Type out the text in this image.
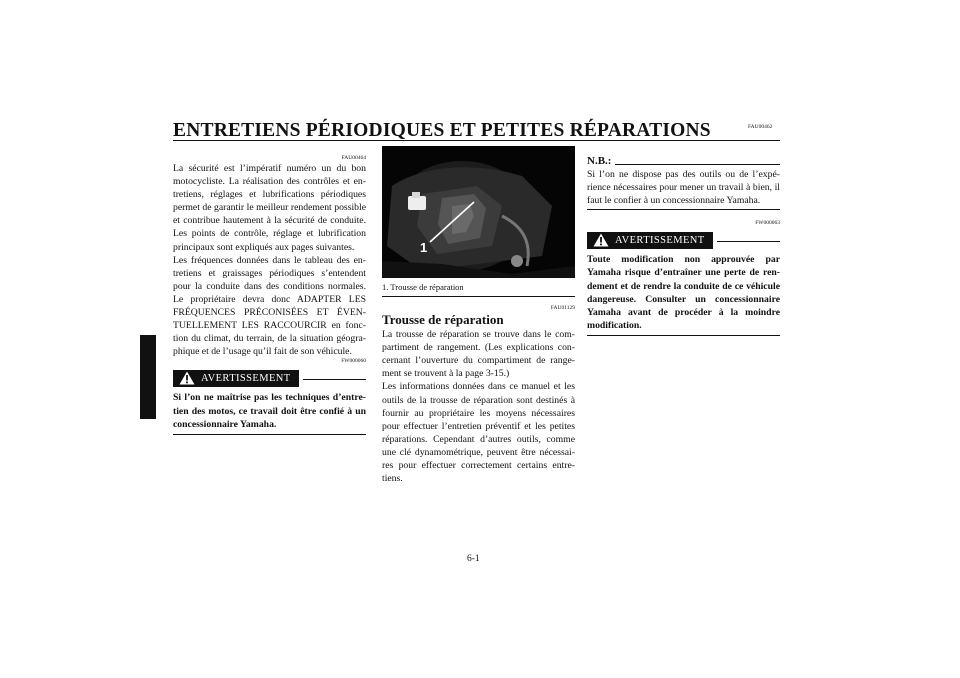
ENTRETIENS PÉRIODIQUES ET PETITES RÉPARATIONS	FAU00462
6
FAU00464

La sécurité est l’impératif numéro un du bon motocycliste. La réalisation des contrôles et entretiens, réglages et lubrifications périodiques permet de garantir le meilleur rendement possible et contribue hautement à la sécurité de conduite. Les points de contrôle, réglage et lubrification principaux sont expliqués aux pages suivantes.

Les fréquences données dans le tableau des entretiens et graissages périodiques s’entendent pour la conduite dans des conditions normales. Le propriétaire devra donc ADAPTER LES FRÉQUENCES PRÉCONISÉES ET ÉVENTUELLEMENT LES RACCOURCIR en fonction du climat, du terrain, de la situation géographique et de l’usage qu’il fait de son véhicule.

FW000060
AVERTISSEMENT

Si l’on ne maîtrise pas les techniques d’entretien des motos, ce travail doit être confié à un concessionnaire Yamaha.

1
1. Trousse de réparation
FAU01129
Trousse de réparation

La trousse de réparation se trouve dans le compartiment de rangement. (Les explications concernant l’ouverture du compartiment de rangement se trouvent à la page 3-15.)

Les informations données dans ce manuel et les outils de la trousse de réparation sont destinés à fournir au propriétaire les moyens nécessaires pour effectuer l’entretien préventif et les petites réparations. Cependant d’autres outils, comme une clé dynamométrique, peuvent être nécessaires pour effectuer correctement certains entretiens.

N.B.:

Si l’on ne dispose pas des outils ou de l’expérience nécessaires pour mener un travail à bien, il faut le confier à un concessionnaire Yamaha.

FW000063
AVERTISSEMENT

Toute modification non approuvée par Yamaha risque d’entraîner une perte de rendement et de rendre la conduite de ce véhicule dangereuse. Consulter un concessionnaire Yamaha avant de procéder à la moindre modification.

6-1
